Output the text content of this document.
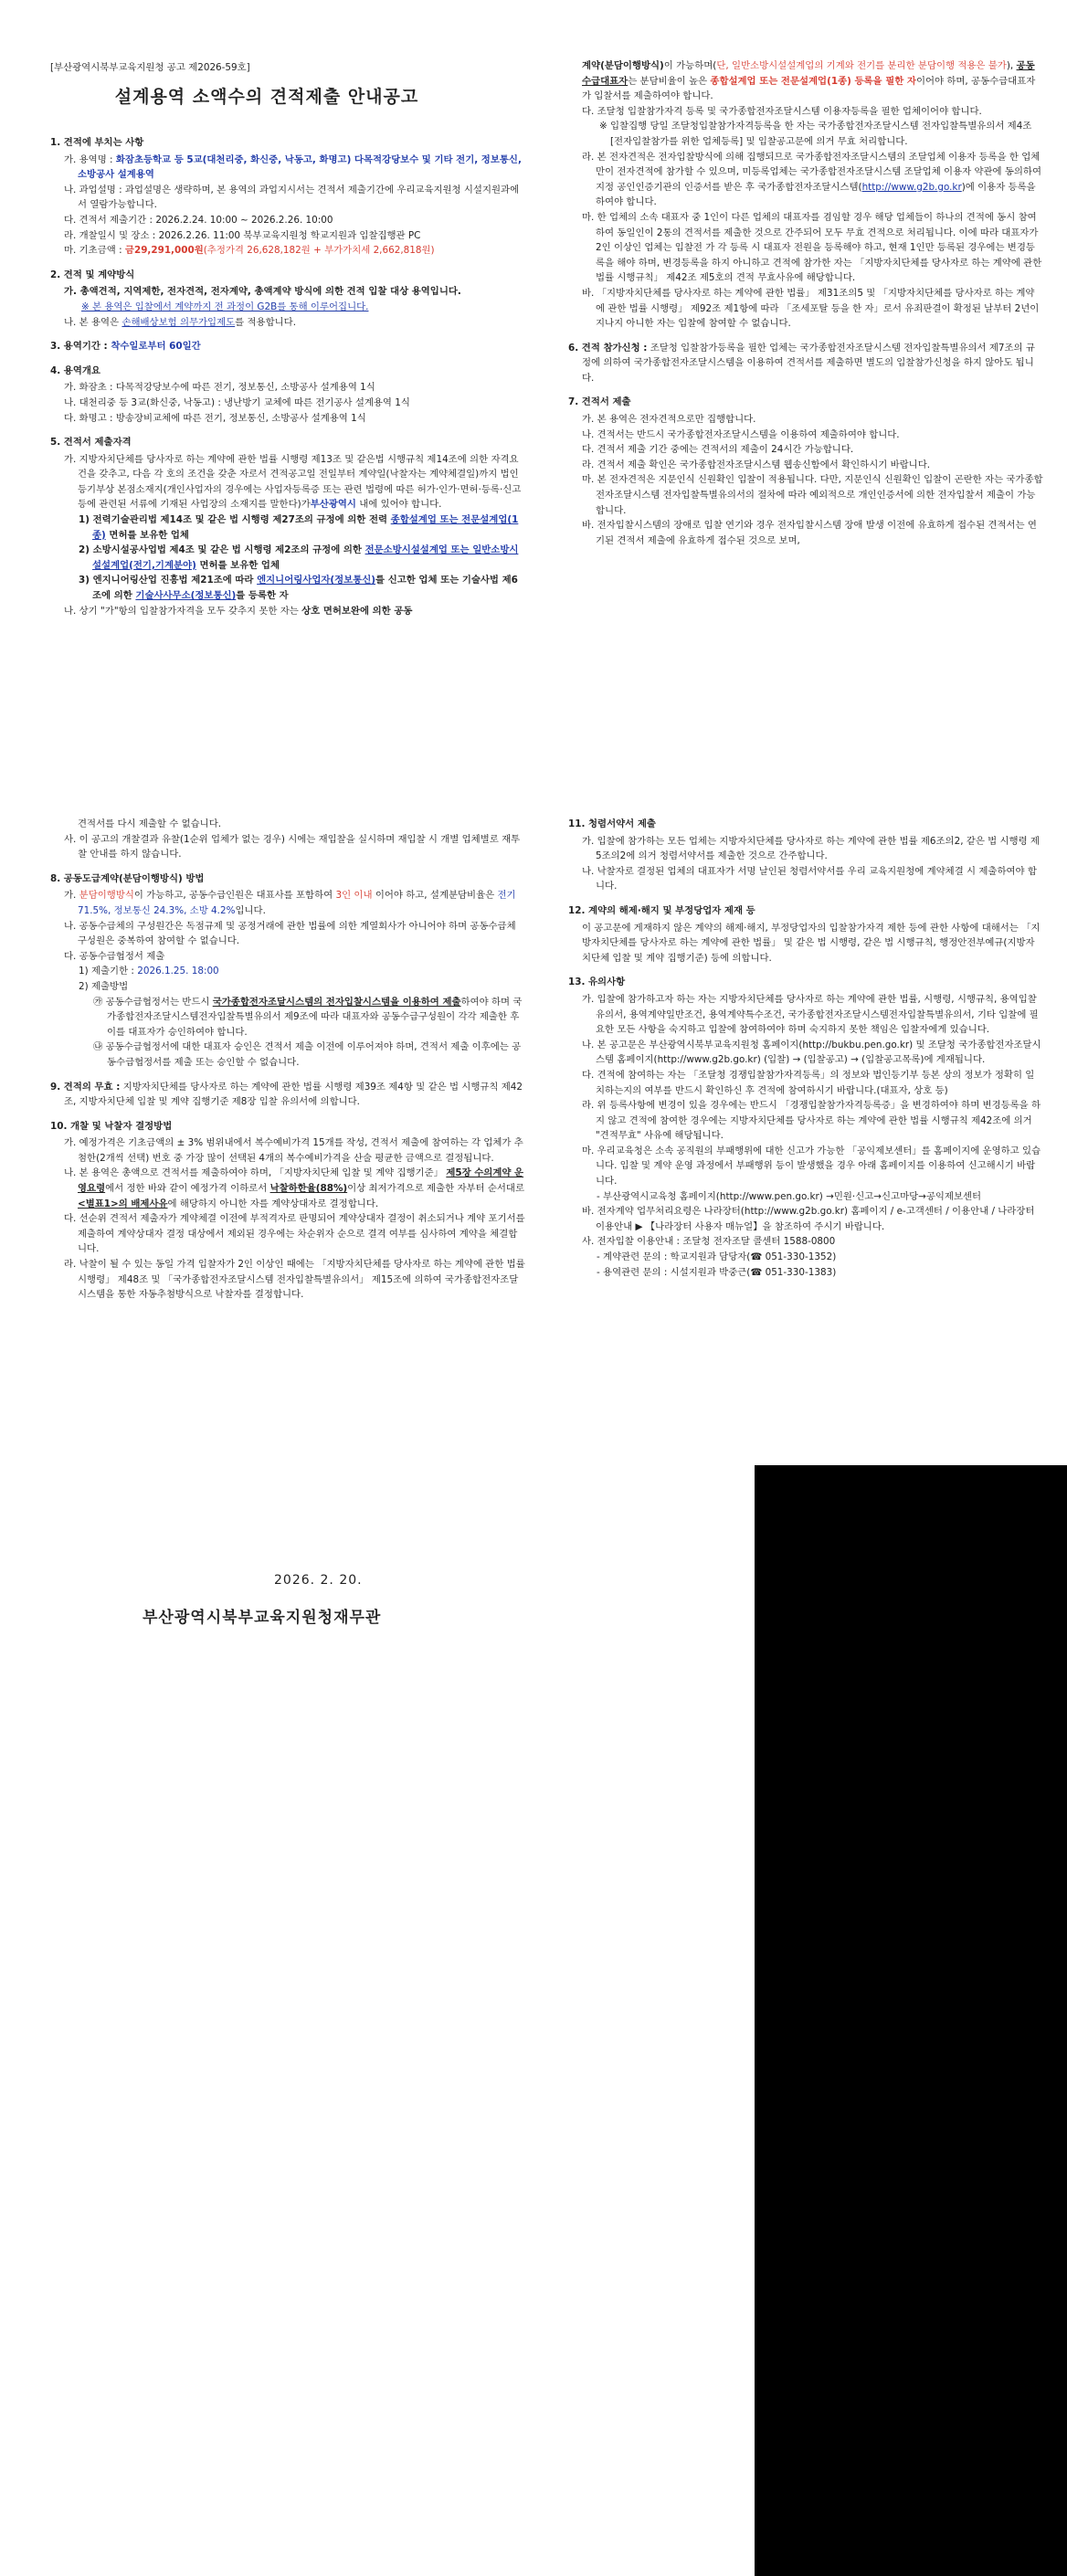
[부산광역시북부교육지원청 공고 제2026-59호]
설계용역 소액수의 견적제출 안내공고
1. 견적에 부치는 사항
가. 용역명 : 화잠초등학교 등 5교(대천리중, 화신중, 낙동고, 화명고) 다목적강당보수 및 기타 전기, 정보통신, 소방공사 설계용역
나. 과업설명 : 과업설명은 생략하며, 본 용역의 과업지시서는 견적서 제출기간에 우리교육지원청 시설지원과에서 열람가능합니다.
다. 견적서 제출기간 : 2026.2.24. 10:00 ~ 2026.2.26. 10:00
라. 개찰일시 및 장소 : 2026.2.26. 11:00 북부교육지원청 학교지원과 입찰집행관 PC
마. 기초금액 : 금29,291,000원(추정가격 26,628,182원 + 부가가치세 2,662,818원)
2. 견적 및 계약방식
가. 총액견적, 지역제한, 전자견적, 전자계약, 총액계약 방식에 의한 견적 입찰 대상 용역입니다.
※ 본 용역은 입찰에서 계약까지 전 과정이 G2B를 통해 이루어집니다.
나. 본 용역은 손해배상보험 의무가입제도를 적용합니다.
3. 용역기간 : 착수일로부터 60일간
4. 용역개요
가. 화잠초 : 다목적강당보수에 따른 전기, 정보통신, 소방공사 설계용역 1식
나. 대천리중 등 3교(화신중, 낙동고) : 냉난방기 교체에 따른 전기공사 설계용역 1식
다. 화명고 : 방송장비교체에 따른 전기, 정보통신, 소방공사 설계용역 1식
5. 견적서 제출자격
가. 지방자치단체를 당사자로 하는 계약에 관한 법률 시행령 제13조 및 같은법 시행규칙 제14조에 의한 자격요건을 갖추고, 다음 각 호의 조건을 갖춘 자로서 견적공고일 전일부터 계약일(낙찰자는 계약체결일)까지 법인등기부상 본점소재지(개인사업자의 경우에는 사업자등록증 또는 관련 법령에 따른 허가·인가·면허·등록·신고 등에 관련된 서류에 기재된 사업장의 소재지를 말한다)가부산광역시 내에 있어야 합니다.
1) 전력기술관리법 제14조 및 같은 법 시행령 제27조의 규정에 의한 전력 종합설계업 또는 전문설계업(1종) 면허를 보유한 업체
2) 소방시설공사업법 제4조 및 같은 법 시행령 제2조의 규정에 의한 전문소방시설설계업 또는 일반소방시설설계업(전기,기계분야) 면허를 보유한 업체
3) 엔지니어링산업 진흥법 제21조에 따라 엔지니어링사업자(정보통신)를 신고한 업체 또는 기술사법 제6조에 의한 기술사사무소(정보통신)를 등록한 자
나. 상기 "가"항의 입찰참가자격을 모두 갖추지 못한 자는 상호 면허보완에 의한 공동
계약(분담이행방식)이 가능하며(단, 일반소방시설설계업의 기계와 전기를 분리한 분담이행 적용은 불가), 공동수급대표자는 분담비율이 높은 종합설계업 또는 전문설계업(1종) 등록을 필한 자이어야 하며, 공동수급대표자가 입찰서를 제출하여야 합니다.
다. 조달청 입찰참가자격 등록 및 국가종합전자조달시스템 이용자등록을 필한 업체이어야 합니다.
※ 입찰집행 당일 조달청입찰참가자격등록을 한 자는 국가종합전자조달시스템 전자입찰특별유의서 제4조[전자입찰참가를 위한 업체등록] 및 입찰공고문에 의거 무효 처리합니다.
라. 본 전자견적은 전자입찰방식에 의해 집행되므로 국가종합전자조달시스템의 조달업체 이용자 등록을 한 업체만이 전자견적에 참가할 수 있으며, 미등록업체는 국가종합전자조달시스템 조달업체 이용자 약관에 동의하여 지정 공인인증기관의 인증서를 받은 후 국가종합전자조달시스템(http://www.g2b.go.kr)에 이용자 등록을 하여야 합니다.
마. 한 업체의 소속 대표자 중 1인이 다른 업체의 대표자를 겸임할 경우 해당 업체들이 하나의 견적에 동시 참여하여 동일인이 2통의 견적서를 제출한 것으로 간주되어 모두 무효 견적으로 처리됩니다. 이에 따라 대표자가 2인 이상인 업체는 입찰전 가 각 등록 시 대표자 전원을 등록해야 하고, 현재 1인만 등록된 경우에는 변경등록을 해야 하며, 변경등록을 하지 아니하고 견적에 참가한 자는 「지방자치단체를 당사자로 하는 계약에 관한 법률 시행규칙」 제42조 제5호의 견적 무효사유에 해당합니다.
바. 「지방자치단체를 당사자로 하는 계약에 관한 법률」 제31조의5 및 「지방자치단체를 당사자로 하는 계약에 관한 법률 시행령」 제92조 제1항에 따라 「조세포탈 등을 한 자」로서 유죄판결이 확정된 날부터 2년이 지나지 아니한 자는 입찰에 참여할 수 없습니다.
6. 견적 참가신청 : 조달청 입찰참가등록을 필한 업체는 국가종합전자조달시스템 전자입찰특별유의서 제7조의 규정에 의하여 국가종합전자조달시스템을 이용하여 견적서를 제출하면 별도의 입찰참가신청을 하지 않아도 됩니다.
7. 견적서 제출
가. 본 용역은 전자견적으로만 집행합니다.
나. 견적서는 반드시 국가종합전자조달시스템을 이용하여 제출하여야 합니다.
다. 견적서 제출 기간 중에는 견적서의 제출이 24시간 가능합니다.
라. 견적서 제출 확인은 국가종합전자조달시스템 웹송신함에서 확인하시기 바랍니다.
마. 본 전자견적은 지문인식 신원확인 입찰이 적용됩니다. 다만, 지문인식 신원확인 입찰이 곤란한 자는 국가종합전자조달시스템 전자입찰특별유의서의 절차에 따라 예외적으로 개인인증서에 의한 전자입찰서 제출이 가능합니다.
바. 전자입찰시스템의 장애로 입찰 연기와 경우 전자입찰시스템 장애 발생 이전에 유효하게 접수된 견적서는 연기된 견적서 제출에 유효하게 접수된 것으로 보며,
견적서를 다시 제출할 수 없습니다.
사. 이 공고의 개찰결과 유찰(1순위 업체가 없는 경우) 시에는 재입찰을 실시하며 재입찰 시 개별 업체별로 재투찰 안내를 하지 않습니다.
8. 공동도급계약(분담이행방식) 방법
가. 분담이행방식이 가능하고, 공동수급인원은 대표사를 포함하여 3인 이내 이어야 하고, 설계분담비율은 전기 71.5%, 정보통신 24.3%, 소방 4.2%입니다.
나. 공동수급체의 구성원간은 독점규제 및 공정거래에 관한 법률에 의한 계열회사가 아니어야 하며 공동수급체 구성원은 중복하여 참여할 수 없습니다.
다. 공동수급협정서 제출
1) 제출기한 : 2026.1.25. 18:00
2) 제출방법
㉮ 공동수급협정서는 반드시 국가종합전자조달시스템의 전자입찰시스템을 이용하여 제출하여야 하며 국가종합전자조달시스템전자입찰특별유의서 제9조에 따라 대표자와 공동수급구성원이 각각 제출한 후 이를 대표자가 승인하여야 합니다.
㉯ 공동수급협정서에 대한 대표자 승인은 견적서 제출 이전에 이루어져야 하며, 견적서 제출 이후에는 공동수급협정서를 제출 또는 승인할 수 없습니다.
9. 견적의 무효 : 지방자치단체를 당사자로 하는 계약에 관한 법률 시행령 제39조 제4항 및 같은 법 시행규칙 제42조, 지방자치단체 입찰 및 계약 집행기준 제8장 입찰 유의서에 의합니다.
10. 개찰 및 낙찰자 결정방법
가. 예정가격은 기초금액의 ± 3% 범위내에서 복수예비가격 15개를 작성, 견적서 제출에 참여하는 각 업체가 추첨한(2개씩 선택) 번호 중 가장 많이 선택된 4개의 복수예비가격을 산술 평균한 금액으로 결정됩니다.
나. 본 용역은 총액으로 견적서를 제출하여야 하며, 「지방자치단체 입찰 및 계약 집행기준」 제5장 수의계약 운영요령에서 정한 바와 같이 예정가격 이하로서 낙찰하한율(88%)이상 최저가격으로 제출한 자부터 순서대로 <별표1>의 배제사유에 해당하지 아니한 자를 계약상대자로 결정합니다.
다. 선순위 견적서 제출자가 계약체결 이전에 부적격자로 판명되어 계약상대자 결정이 취소되거나 계약 포기서를 제출하여 계약상대자 결정 대상에서 제외된 경우에는 차순위자 순으로 결격 여부를 심사하여 계약을 체결합니다.
라. 낙찰이 될 수 있는 동일 가격 입찰자가 2인 이상인 때에는 「지방자치단체를 당사자로 하는 계약에 관한 법률 시행령」 제48조 및 「국가종합전자조달시스템 전자입찰특별유의서」 제15조에 의하여 국가종합전자조달시스템을 통한 자동추첨방식으로 낙찰자를 결정합니다.
11. 청렴서약서 제출
가. 입찰에 참가하는 모든 업체는 지방자치단체를 당사자로 하는 계약에 관한 법률 제6조의2, 같은 법 시행령 제5조의2에 의거 청렴서약서를 제출한 것으로 간주합니다.
나. 낙찰자로 결정된 업체의 대표자가 서명 날인된 청렴서약서를 우리 교육지원청에 계약체결 시 제출하여야 합니다.
12. 계약의 해제·해지 및 부정당업자 제재 등
이 공고문에 게재하지 않은 계약의 해제·해지, 부정당업자의 입찰참가자격 제한 등에 관한 사항에 대해서는 「지방자치단체를 당사자로 하는 계약에 관한 법률」 및 같은 법 시행령, 같은 법 시행규칙, 행정안전부예규(지방자치단체 입찰 및 계약 집행기준) 등에 의합니다.
13. 유의사항
가. 입찰에 참가하고자 하는 자는 지방자치단체를 당사자로 하는 계약에 관한 법률, 시행령, 시행규칙, 용역입찰유의서, 용역계약일반조건, 용역계약특수조건, 국가종합전자조달시스템전자입찰특별유의서, 기타 입찰에 필요한 모든 사항을 숙지하고 입찰에 참여하여야 하며 숙지하지 못한 책임은 입찰자에게 있습니다.
나. 본 공고문은 부산광역시북부교육지원청 홈페이지(http://bukbu.pen.go.kr) 및 조달청 국가종합전자조달시스템 홈페이지(http://www.g2b.go.kr) (입찰) → (입찰공고) → (입찰공고목록)에 게재됩니다.
다. 견적에 참여하는 자는 「조달청 경쟁입찰참가자격등록」의 정보와 법인등기부 등본 상의 정보가 정확히 일치하는지의 여부를 반드시 확인하신 후 견적에 참여하시기 바랍니다.(대표자, 상호 등)
라. 위 등록사항에 변경이 있을 경우에는 반드시 「경쟁입찰참가자격등록증」을 변경하여야 하며 변경등록을 하지 않고 견적에 참여한 경우에는 지방자치단체를 당사자로 하는 계약에 관한 법률 시행규칙 제42조에 의거 "견적무효" 사유에 해당됩니다.
마. 우리교육청은 소속 공직원의 부패행위에 대한 신고가 가능한 「공익제보센터」를 홈페이지에 운영하고 있습니다. 입찰 및 계약 운영 과정에서 부패행위 등이 발생했을 경우 아래 홈페이지를 이용하여 신고해시기 바랍니다.
- 부산광역시교육청 홈페이지(http://www.pen.go.kr) →민원·신고→신고마당→공익제보센터
바. 전자계약 업무처리요령은 나라장터(http://www.g2b.go.kr) 홈페이지 / e-고객센터 / 이용안내 / 나라장터 이용안내 ▶ 【나라장터 사용자 매뉴얼】을 참조하여 주시기 바랍니다.
사. 전자입찰 이용안내 : 조달청 전자조달 콜센터 1588-0800
- 계약관련 문의 : 학교지원과 담당자(☎ 051-330-1352)
- 용역관련 문의 : 시설지원과 박중근(☎ 051-330-1383)
2026. 2. 20.
부산광역시북부교육지원청재무관
